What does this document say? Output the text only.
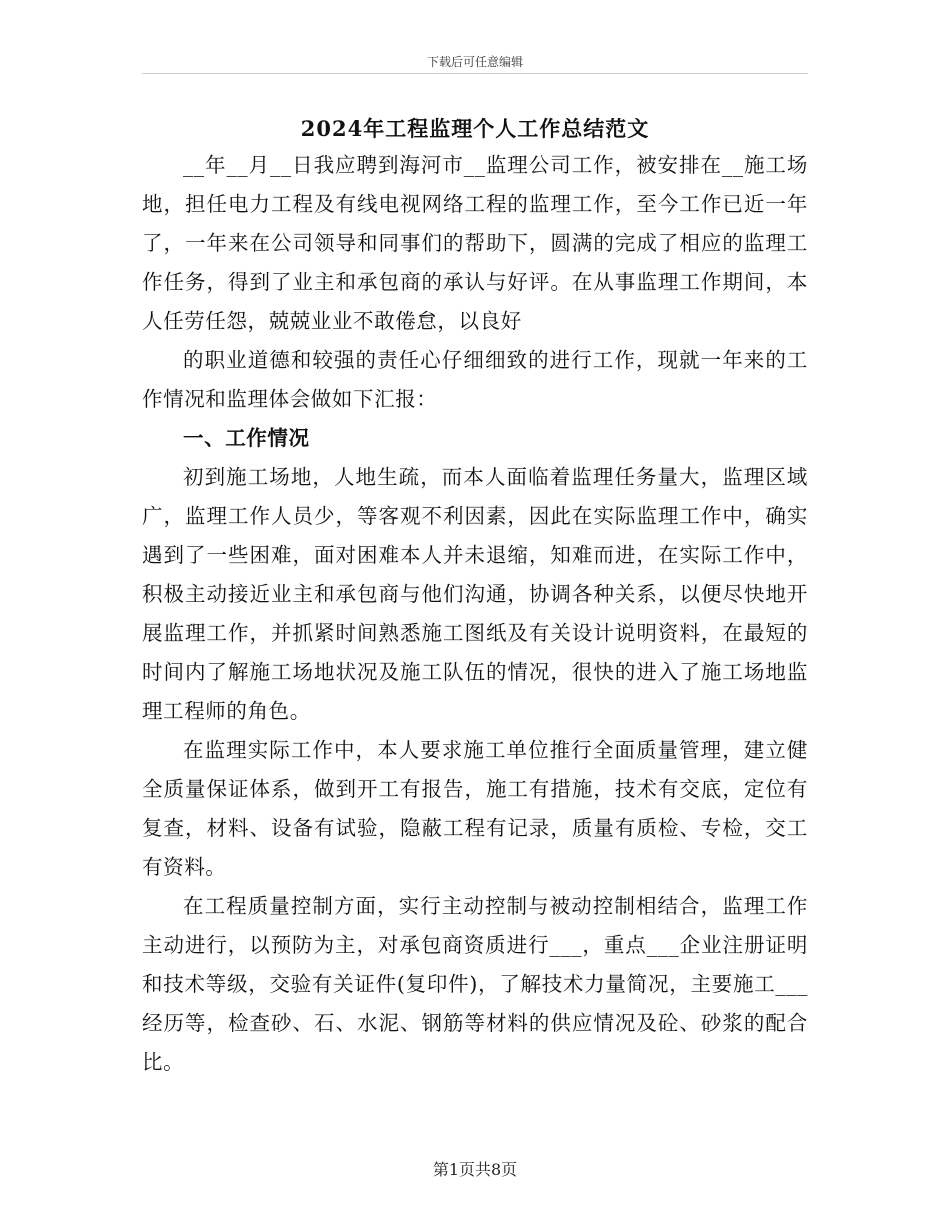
下载后可任意编辑
2024年工程监理个人工作总结范文

__年__月__日我应聘到海河市__监理公司工作，被安排在__施工场地，担任电力工程及有线电视网络工程的监理工作，至今工作已近一年了，一年来在公司领导和同事们的帮助下，圆满的完成了相应的监理工作任务，得到了业主和承包商的承认与好评。在从事监理工作期间，本人任劳任怨，兢兢业业不敢倦怠，以良好

的职业道德和较强的责任心仔细细致的进行工作，现就一年来的工作情况和监理体会做如下汇报：

一、工作情况

初到施工场地，人地生疏，而本人面临着监理任务量大，监理区域广，监理工作人员少，等客观不利因素，因此在实际监理工作中，确实遇到了一些困难，面对困难本人并未退缩，知难而进，在实际工作中，积极主动接近业主和承包商与他们沟通，协调各种关系，以便尽快地开展监理工作，并抓紧时间熟悉施工图纸及有关设计说明资料，在最短的时间内了解施工场地状况及施工队伍的情况，很快的进入了施工场地监理工程师的角色。

在监理实际工作中，本人要求施工单位推行全面质量管理，建立健全质量保证体系，做到开工有报告，施工有措施，技术有交底，定位有复查，材料、设备有试验，隐蔽工程有记录，质量有质检、专检，交工有资料。

在工程质量控制方面，实行主动控制与被动控制相结合，监理工作主动进行，以预防为主，对承包商资质进行___，重点___企业注册证明和技术等级，交验有关证件(复印件)，了解技术力量简况，主要施工___经历等，检查砂、石、水泥、钢筋等材料的供应情况及砼、砂浆的配合比。

第1页共8页
